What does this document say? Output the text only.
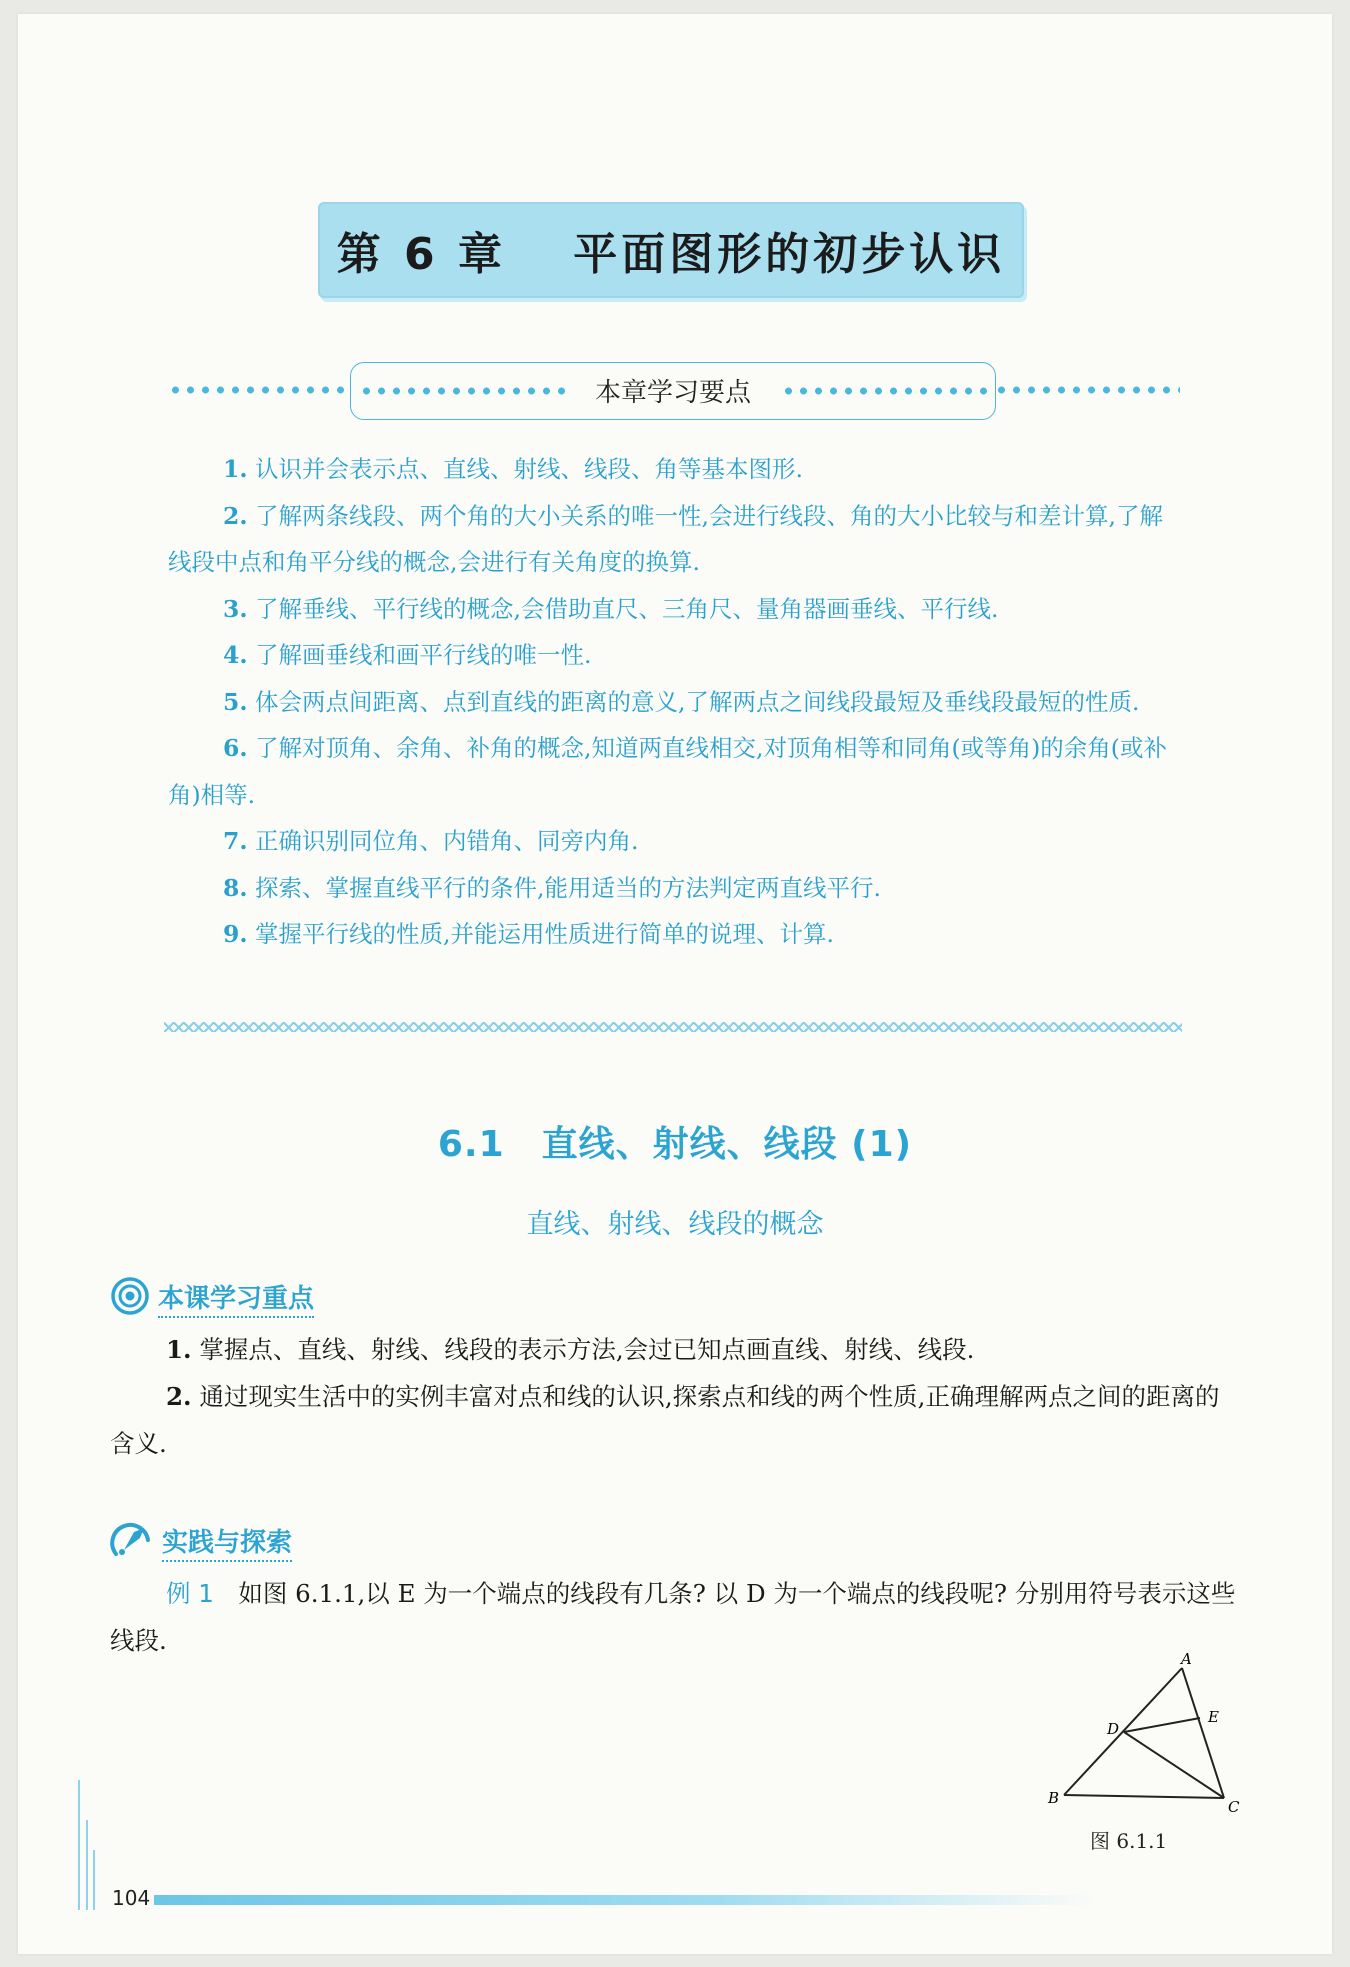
第 6 章　 平面图形的初步认识
本章学习要点

1. 认识并会表示点、直线、射线、线段、角等基本图形.

2. 了解两条线段、两个角的大小关系的唯一性,会进行线段、角的大小比较与和差计算,了解线段中点和角平分线的概念,会进行有关角度的换算.

3. 了解垂线、平行线的概念,会借助直尺、三角尺、量角器画垂线、平行线.

4. 了解画垂线和画平行线的唯一性.

5. 体会两点间距离、点到直线的距离的意义,了解两点之间线段最短及垂线段最短的性质.

6. 了解对顶角、余角、补角的概念,知道两直线相交,对顶角相等和同角(或等角)的余角(或补角)相等.

7. 正确识别同位角、内错角、同旁内角.

8. 探索、掌握直线平行的条件,能用适当的方法判定两直线平行.

9. 掌握平行线的性质,并能运用性质进行简单的说理、计算.

6.1　直线、射线、线段 (1)
直线、射线、线段的概念
本课学习重点

1. 掌握点、直线、射线、线段的表示方法,会过已知点画直线、射线、线段.

2. 通过现实生活中的实例丰富对点和线的认识,探索点和线的两个性质,正确理解两点之间的距离的含义.

实践与探索

例 1　 如图 6.1.1,以 E 为一个端点的线段有几条? 以 D 为一个端点的线段呢? 分别用符号表示这些线段.

A
E
D
B	C
图 6.1.1
104
